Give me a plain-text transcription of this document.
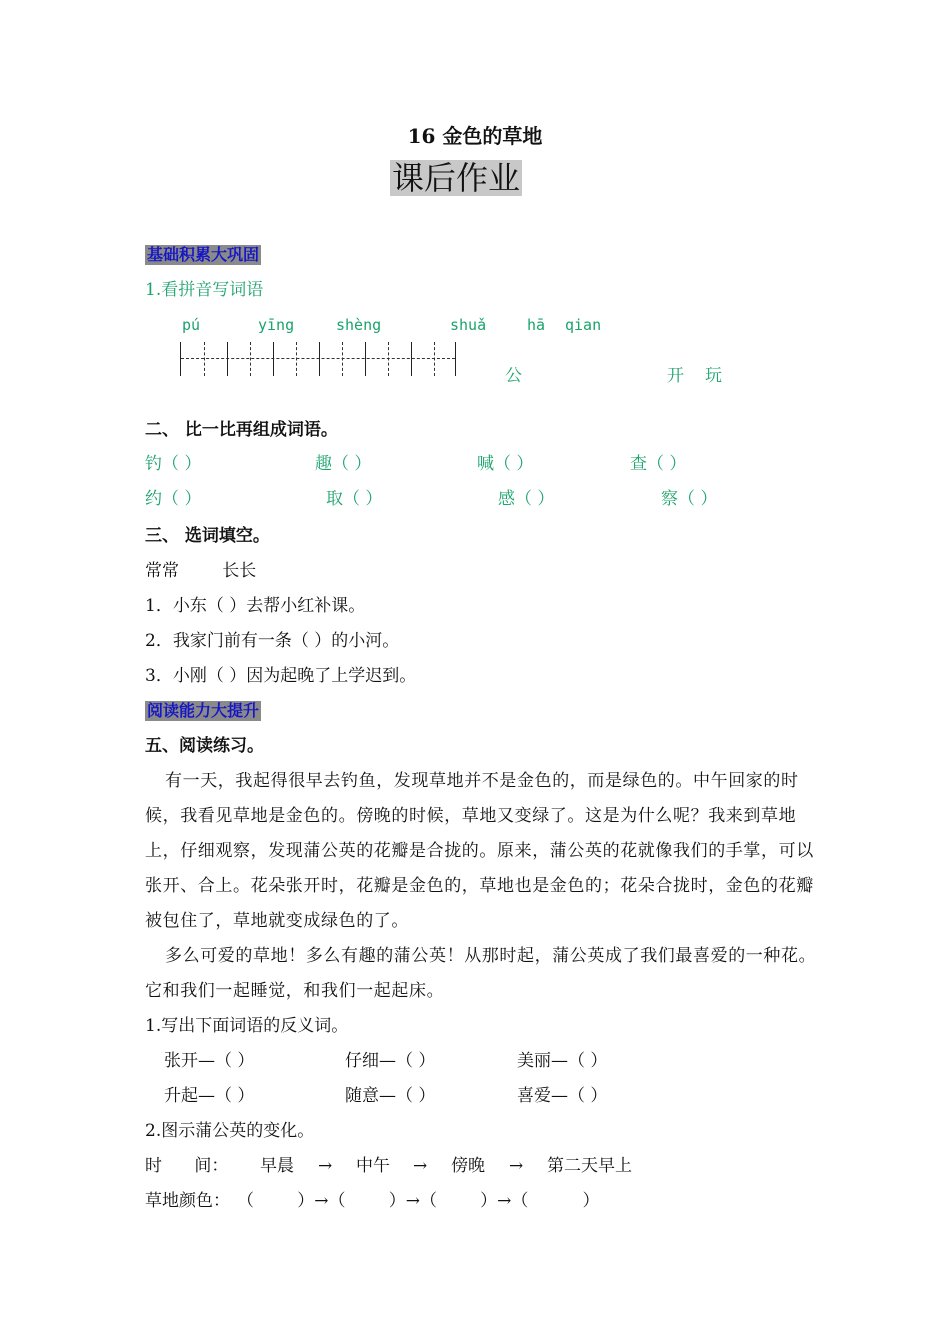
16 金色的草地
课后作业
基础积累大巩固
1.看拼音写词语
pú	yīng	shèng	shuǎ	hā qian
公	开 玩
二、 比一比再组成词语。
钓（ ）	趣（ ）	喊（ ）	查（ ）
约（ ）	取（ ）	感（ ）	察（ ）
三、 选词填空。
常常        长长
1．小东（ ）去帮小红补课。
2．我家门前有一条（ ）的小河。
3．小刚（ ）因为起晚了上学迟到。
阅读能力大提升
五、阅读练习。

有一天，我起得很早去钓鱼，发现草地并不是金色的，而是绿色的。中午回家的时候，我看见草地是金色的。傍晚的时候，草地又变绿了。这是为什么呢？我来到草地上，仔细观察，发现蒲公英的花瓣是合拢的。原来，蒲公英的花就像我们的手掌，可以张开、合上。花朵张开时，花瓣是金色的，草地也是金色的；花朵合拢时，金色的花瓣被包住了，草地就变成绿色的了。

多么可爱的草地！多么有趣的蒲公英！从那时起，蒲公英成了我们最喜爱的一种花。它和我们一起睡觉，和我们一起起床。

1.写出下面词语的反义词。
张开—（ ）	仔细—（ ）	美丽—（ ）
升起—（ ）	随意—（ ）	喜爱—（ ）
2.图示蒲公英的变化。
时      间： 早晨 → 中午 → 傍晚 → 第二天早上
草地颜色： （        ）→（        ）→（        ）→（          ）
